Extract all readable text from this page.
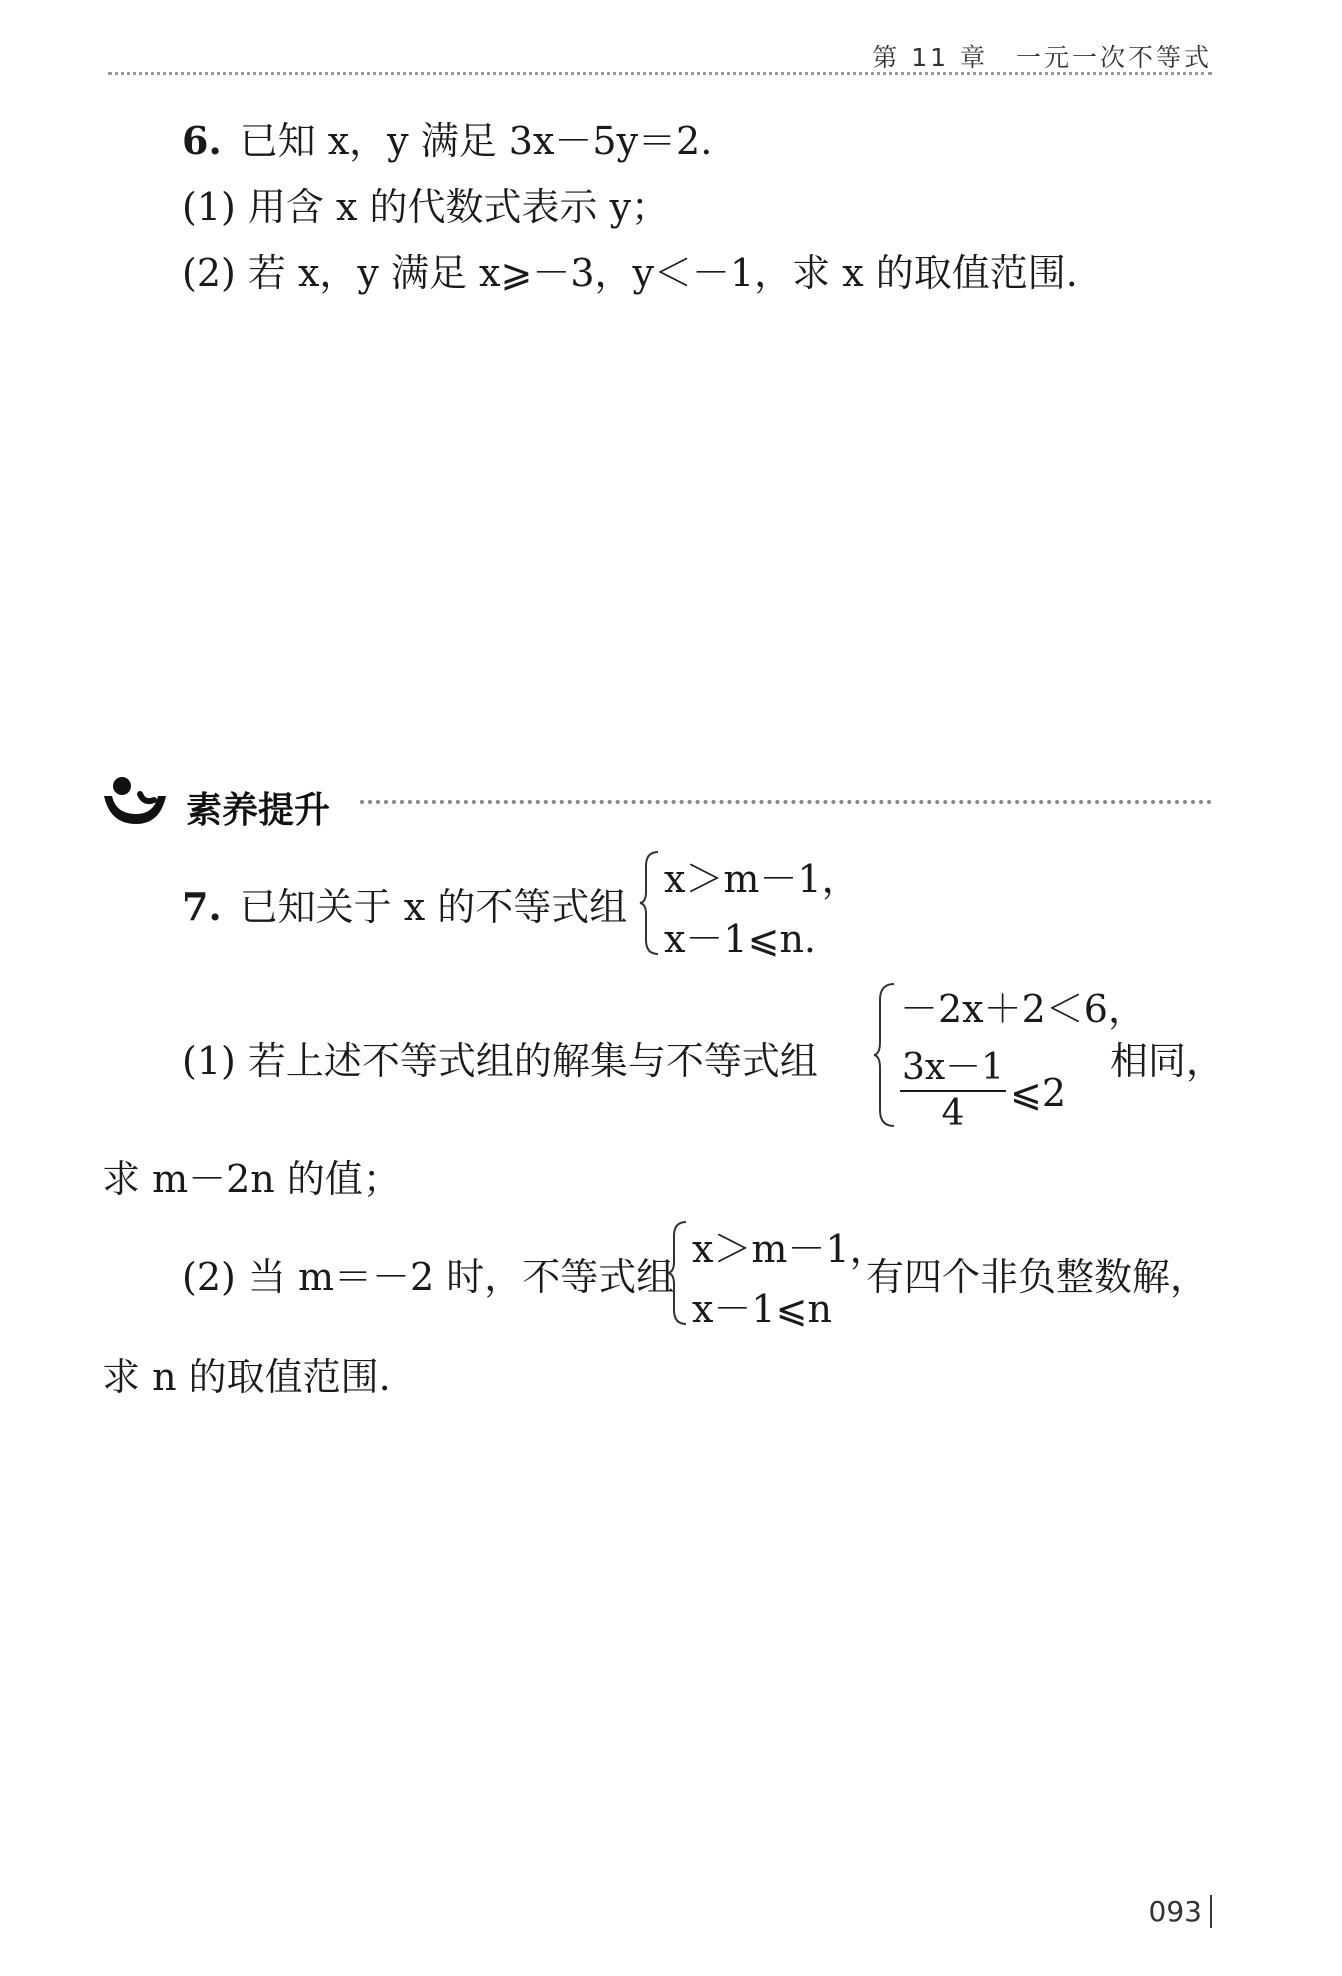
第 11 章　一元一次不等式
6. 已知 x，y 满足 3x－5y＝2.
(1) 用含 x 的代数式表示 y；
(2) 若 x，y 满足 x⩾－3，y＜－1，求 x 的取值范围.
素养提升
7. 已知关于 x 的不等式组
x＞m－1，
x－1⩽n.
(1) 若上述不等式组的解集与不等式组
－2x＋2＜6，
3x－1
4	⩽2
相同，
求 m－2n 的值；
(2) 当 m＝－2 时，不等式组
x＞m－1，
x－1⩽n
有四个非负整数解，
求 n 的取值范围.
093
